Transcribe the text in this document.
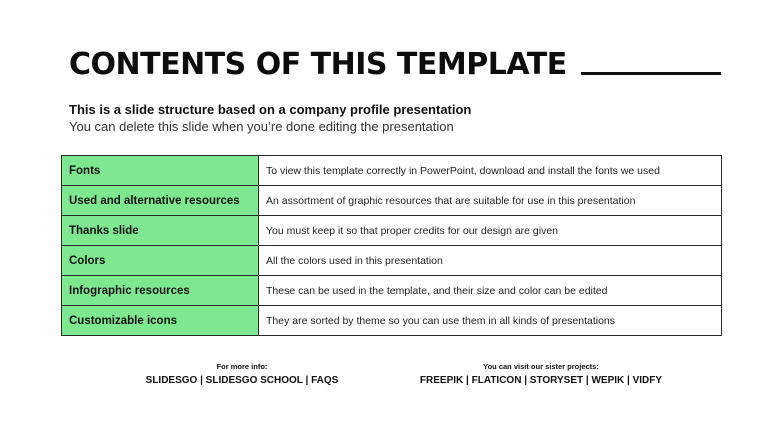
CONTENTS OF THIS TEMPLATE
This is a slide structure based on a company profile presentation
You can delete this slide when you’re done editing the presentation
Fonts	To view this template correctly in PowerPoint, download and install the fonts we used
Used and alternative resources	An assortment of graphic resources that are suitable for use in this presentation
Thanks slide	You must keep it so that proper credits for our design are given
Colors	All the colors used in this presentation
Infographic resources	These can be used in the template, and their size and color can be edited
Customizable icons	They are sorted by theme so you can use them in all kinds of presentations
For more info:
SLIDESGO | SLIDESGO SCHOOL | FAQS
You can visit our sister projects:
FREEPIK | FLATICON | STORYSET | WEPIK | VIDFY
